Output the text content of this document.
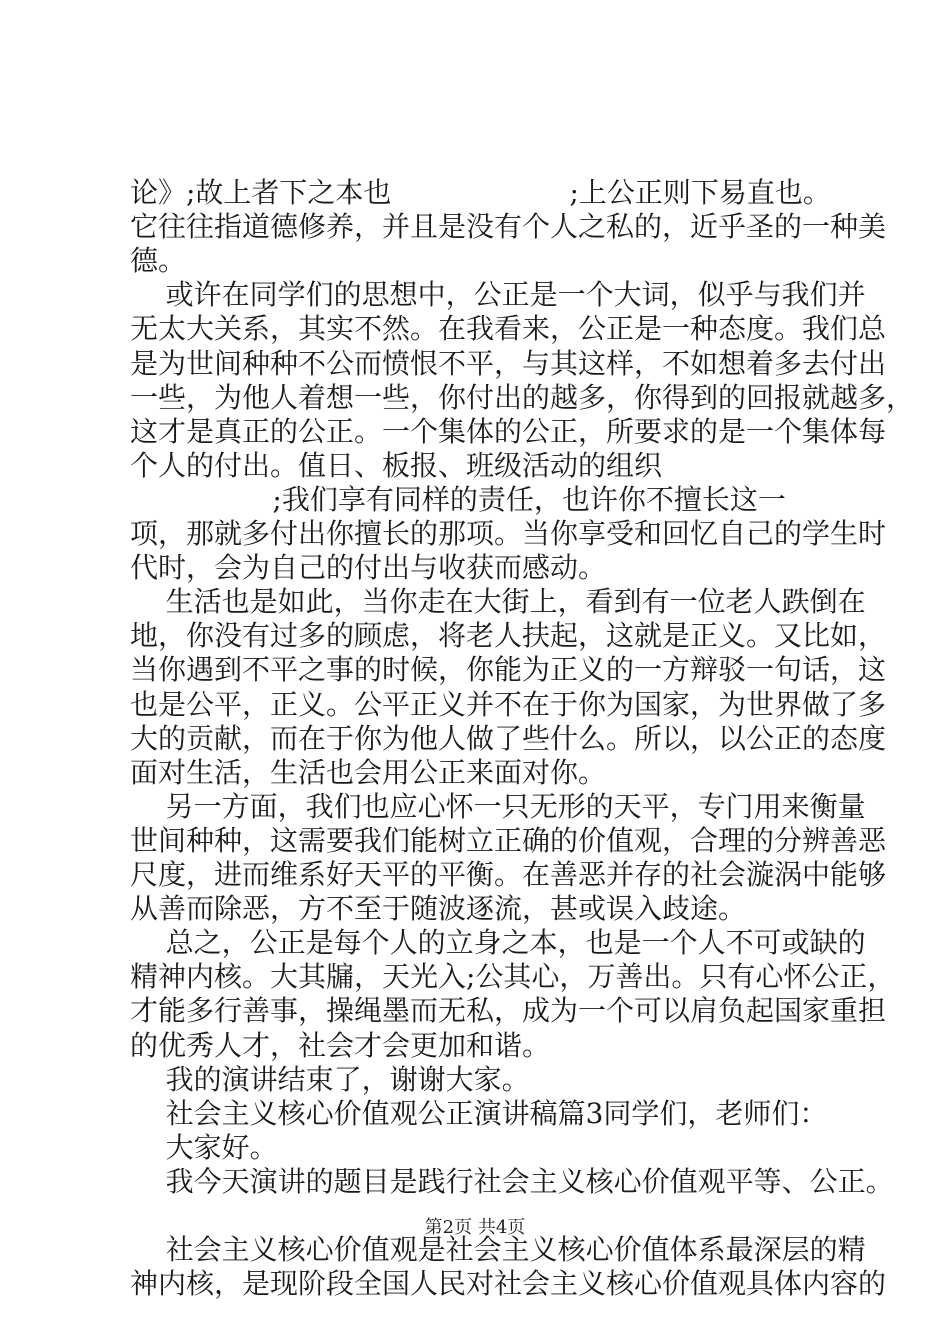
论》;故上者下之本也                    ;上公正则下易直也。
它往往指道德修养，并且是没有个人之私的，近乎圣的一种美
德。
或许在同学们的思想中，公正是一个大词，似乎与我们并
无太大关系，其实不然。在我看来，公正是一种态度。我们总
是为世间种种不公而愤恨不平，与其这样，不如想着多去付出
一些，为他人着想一些，你付出的越多，你得到的回报就越多，
这才是真正的公正。一个集体的公正，所要求的是一个集体每
个人的付出。值日、板报、班级活动的组织
;我们享有同样的责任，也许你不擅长这一
项，那就多付出你擅长的那项。当你享受和回忆自己的学生时
代时，会为自己的付出与收获而感动。
生活也是如此，当你走在大街上，看到有一位老人跌倒在
地，你没有过多的顾虑，将老人扶起，这就是正义。又比如，
当你遇到不平之事的时候，你能为正义的一方辩驳一句话，这
也是公平，正义。公平正义并不在于你为国家，为世界做了多
大的贡献，而在于你为他人做了些什么。所以，以公正的态度
面对生活，生活也会用公正来面对你。
另一方面，我们也应心怀一只无形的天平，专门用来衡量
世间种种，这需要我们能树立正确的价值观，合理的分辨善恶
尺度，进而维系好天平的平衡。在善恶并存的社会漩涡中能够
从善而除恶，方不至于随波逐流，甚或误入歧途。
总之，公正是每个人的立身之本，也是一个人不可或缺的
精神内核。大其牖，天光入;公其心，万善出。只有心怀公正，
才能多行善事，操绳墨而无私，成为一个可以肩负起国家重担
的优秀人才，社会才会更加和谐。
我的演讲结束了，谢谢大家。
社会主义核心价值观公正演讲稿篇3同学们，老师们：
大家好。
我今天演讲的题目是践行社会主义核心价值观平等、公正。
社会主义核心价值观是社会主义核心价值体系最深层的精
神内核，是现阶段全国人民对社会主义核心价值观具体内容的
第2页 共4页
